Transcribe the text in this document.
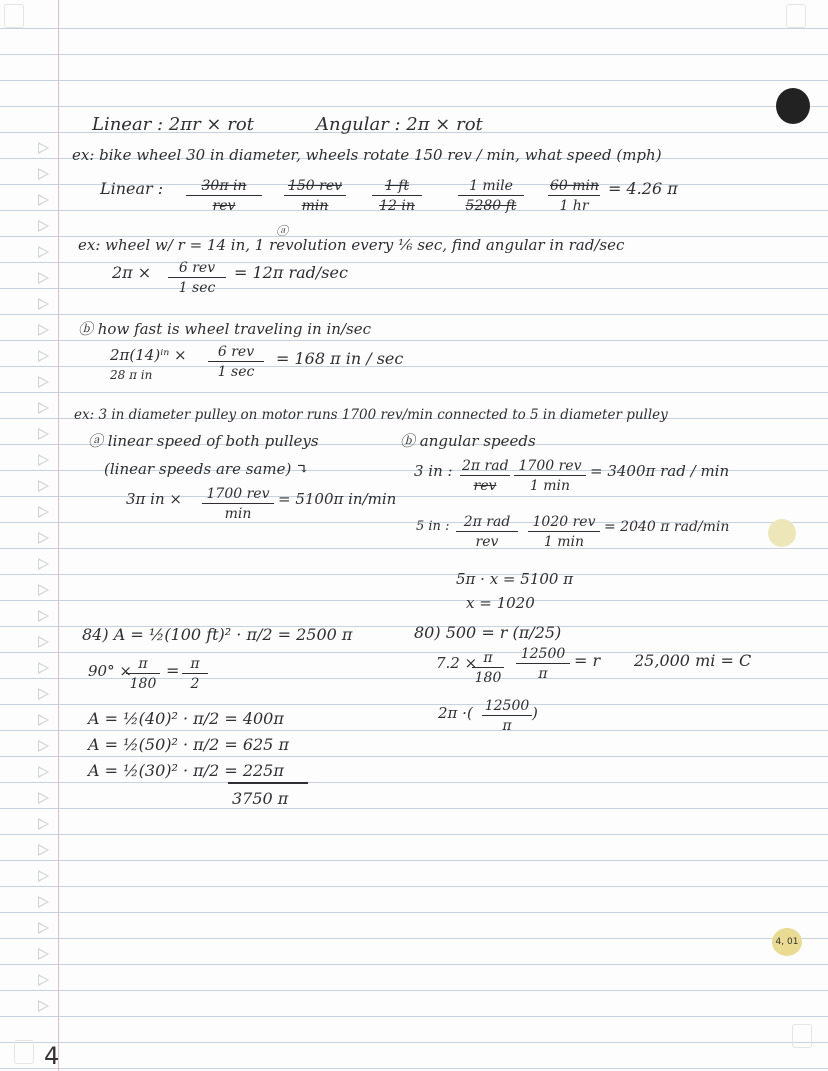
4, 01
Linear : 2πr × rot	Angular : 2π × rot
ex: bike wheel 30 in diameter, wheels rotate 150 rev / min, what speed (mph)
Linear :	30π in
rev
150 rev
min	$\frac{1 ft}{12 in}$	1 mile
5280 ft
60 min
1 hr
= 4.26 π
ex: wheel w/ r = 14 in, 1 revolution every ⅙ sec, find angular in rad/sec
ⓐ
2π ×	6 rev
1 sec
= 12π rad/sec
ⓑ how fast is wheel traveling in in/sec
2π(14)ⁱⁿ ×
28 π in
6 rev
1 sec
= 168 π in / sec
ex: 3 in diameter pulley on motor runs 1700 rev/min connected to 5 in diameter pulley
ⓐ linear speed of both pulleys
(linear speeds are same) ↴
3π in ×	1700 rev
min
= 5100π in/min
ⓑ angular speeds
3 in : 2π rad
rev
1700 rev
1 min
= 3400π rad / min
5 in :	2π rad
rev
1020 rev
1 min
= 2040 π rad/min
5π · x = 5100 π
x = 1020
84) A = ½(100 ft)² · π/2 = 2500 π
90° ×
$\frac{\pi}{180} = \frac{\pi}{2}$
A = ½(40)² · π/2 = 400π
A = ½(50)² · π/2 = 625 π
A = ½(30)² · π/2 = 225π
3750 π
80) 500 = r (π/25)
7.2 ×
$\frac{\pi}{180} \frac{12500}{\pi} = r$ 25,000 mi = C
2π ·( $\frac{12500}{\pi}$ )
4
